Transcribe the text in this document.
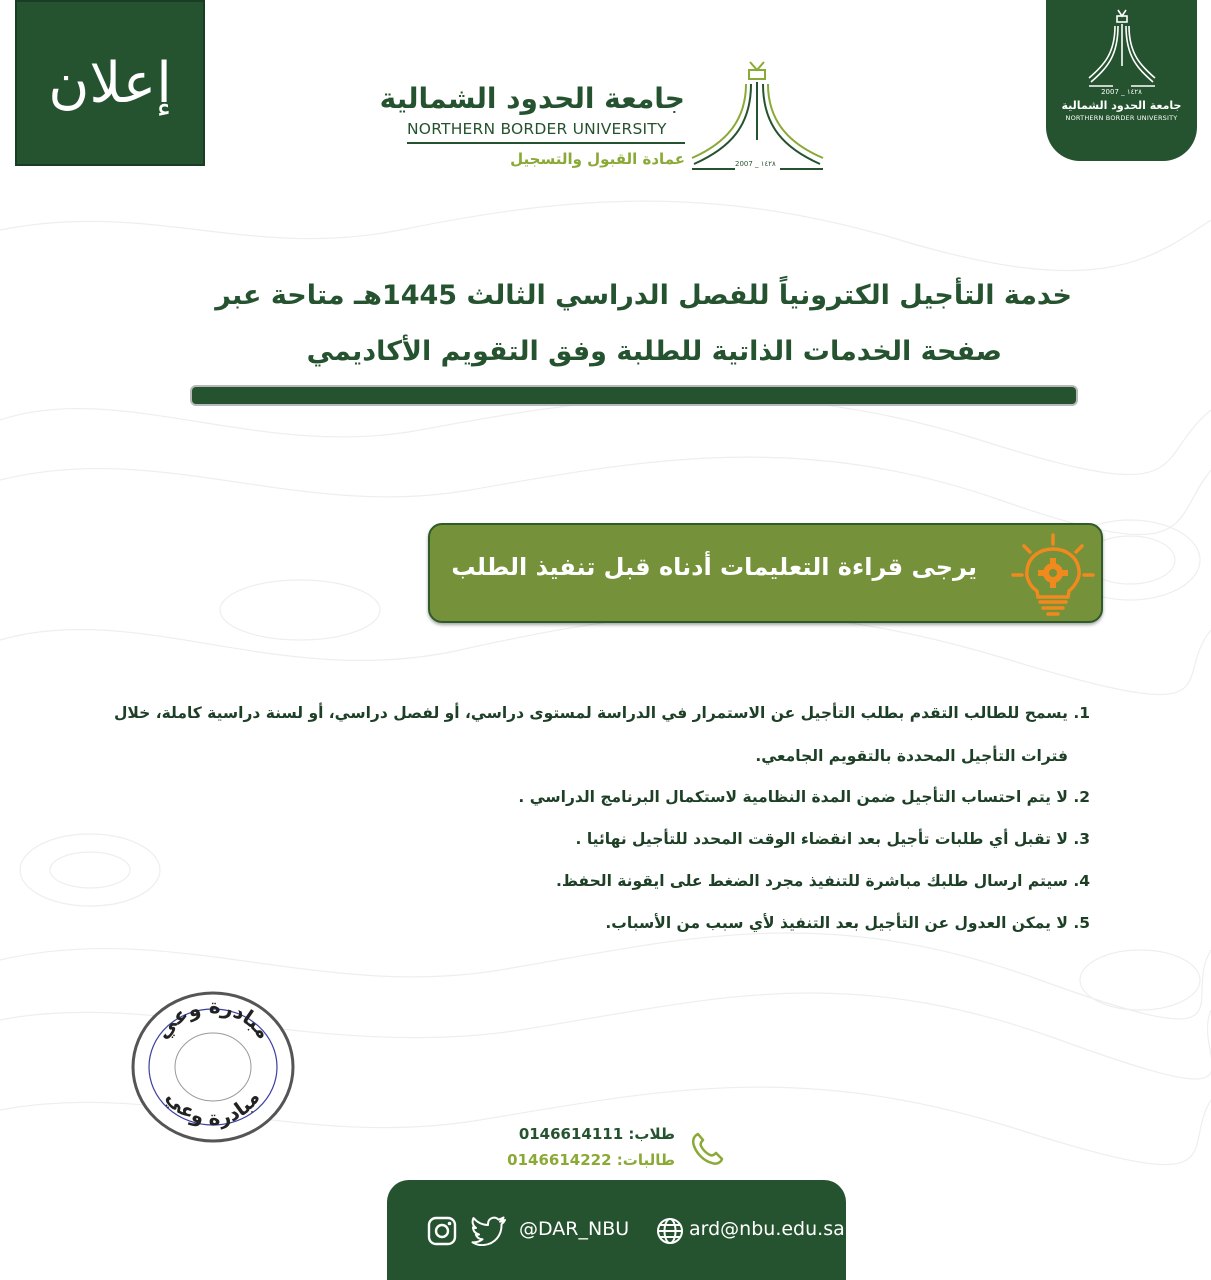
إعلان	2007 _ ١٤٢٨
جامعة الحدود الشمالية
NORTHERN BORDER UNIVERSITY
جامعة الحدود الشمالية
NORTHERN BORDER UNIVERSITY
عمادة القبول والتسجيل	2007 _ ١٤٢٨
خدمة التأجيل الكترونياً للفصل الدراسي الثالث 1445هـ متاحة عبر
صفحة الخدمات الذاتية للطلبة وفق التقويم الأكاديمي
يرجى قراءة التعليمات أدناه قبل تنفيذ الطلب
1. يسمح للطالب التقدم بطلب التأجيل عن الاستمرار في الدراسة لمستوى دراسي، أو لفصل دراسي، أو لسنة دراسية كاملة، خلال
فترات التأجيل المحددة بالتقويم الجامعي.
2. لا يتم احتساب التأجيل ضمن المدة النظامية لاستكمال البرنامج الدراسي .
3. لا تقبل أي طلبات تأجيل بعد انقضاء الوقت المحدد للتأجيل نهائيا .
4. سيتم ارسال طلبك مباشرة للتنفيذ مجرد الضغط على ايقونة الحفظ.
5. لا يمكن العدول عن التأجيل بعد التنفيذ لأي سبب من الأسباب.
مبادرة وعي
مبادرة وعي
طلاب: 0146614111
طالبات: 0146614222
ard@nbu.edu.sa
@DAR_NBU
